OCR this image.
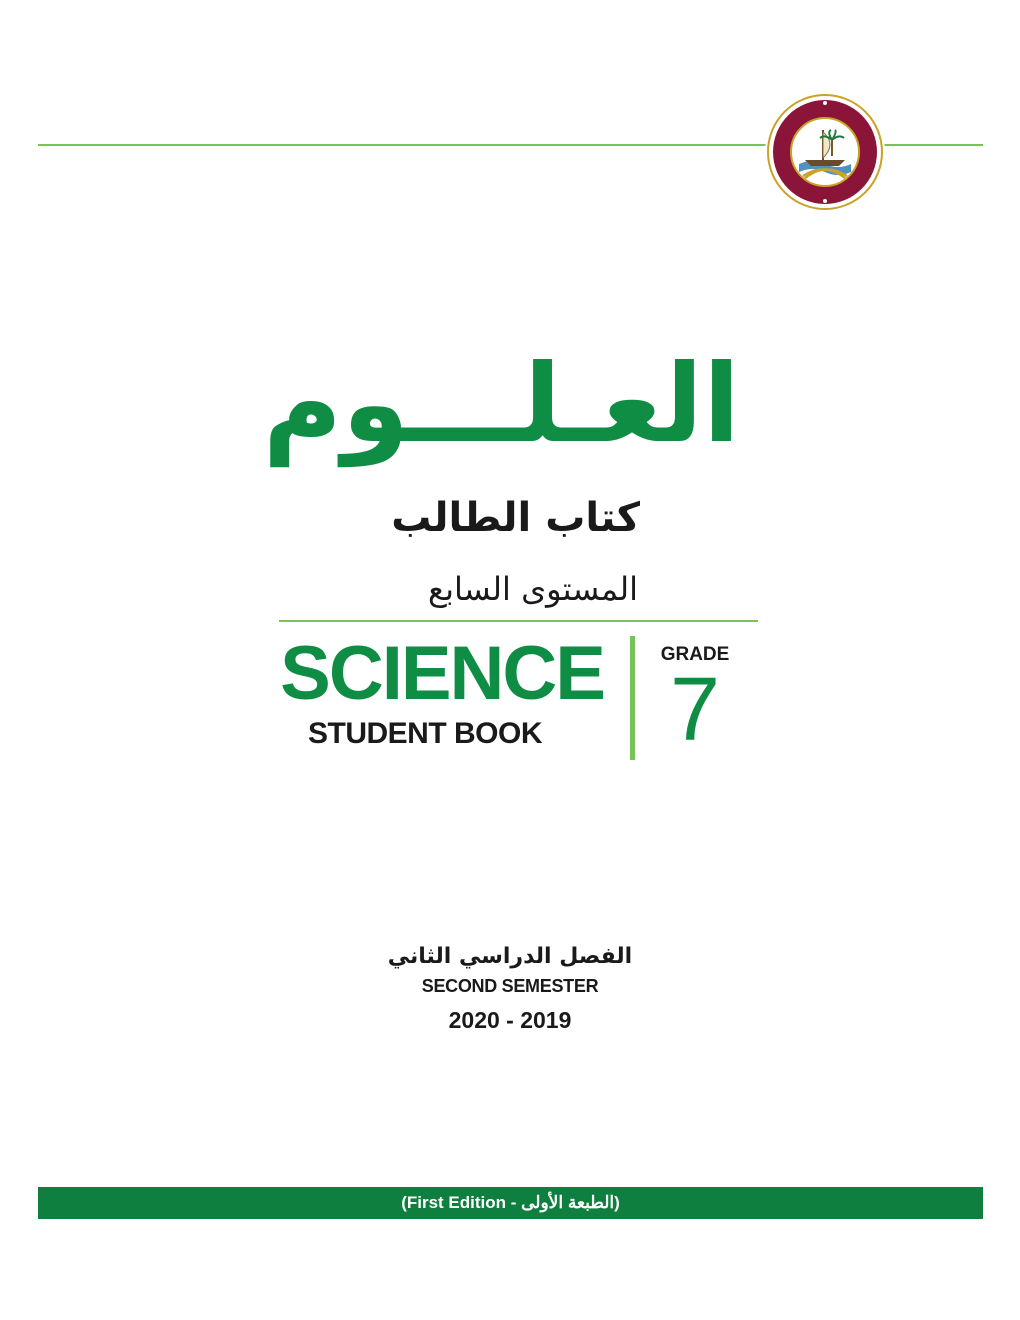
العـلـــوم
كتاب الطالب
المستوى السابع
SCIENCE
STUDENT BOOK
GRADE
7
الفصل الدراسي الثاني
SECOND SEMESTER
2020 - 2019
(First Edition - الطبعة الأولى)
